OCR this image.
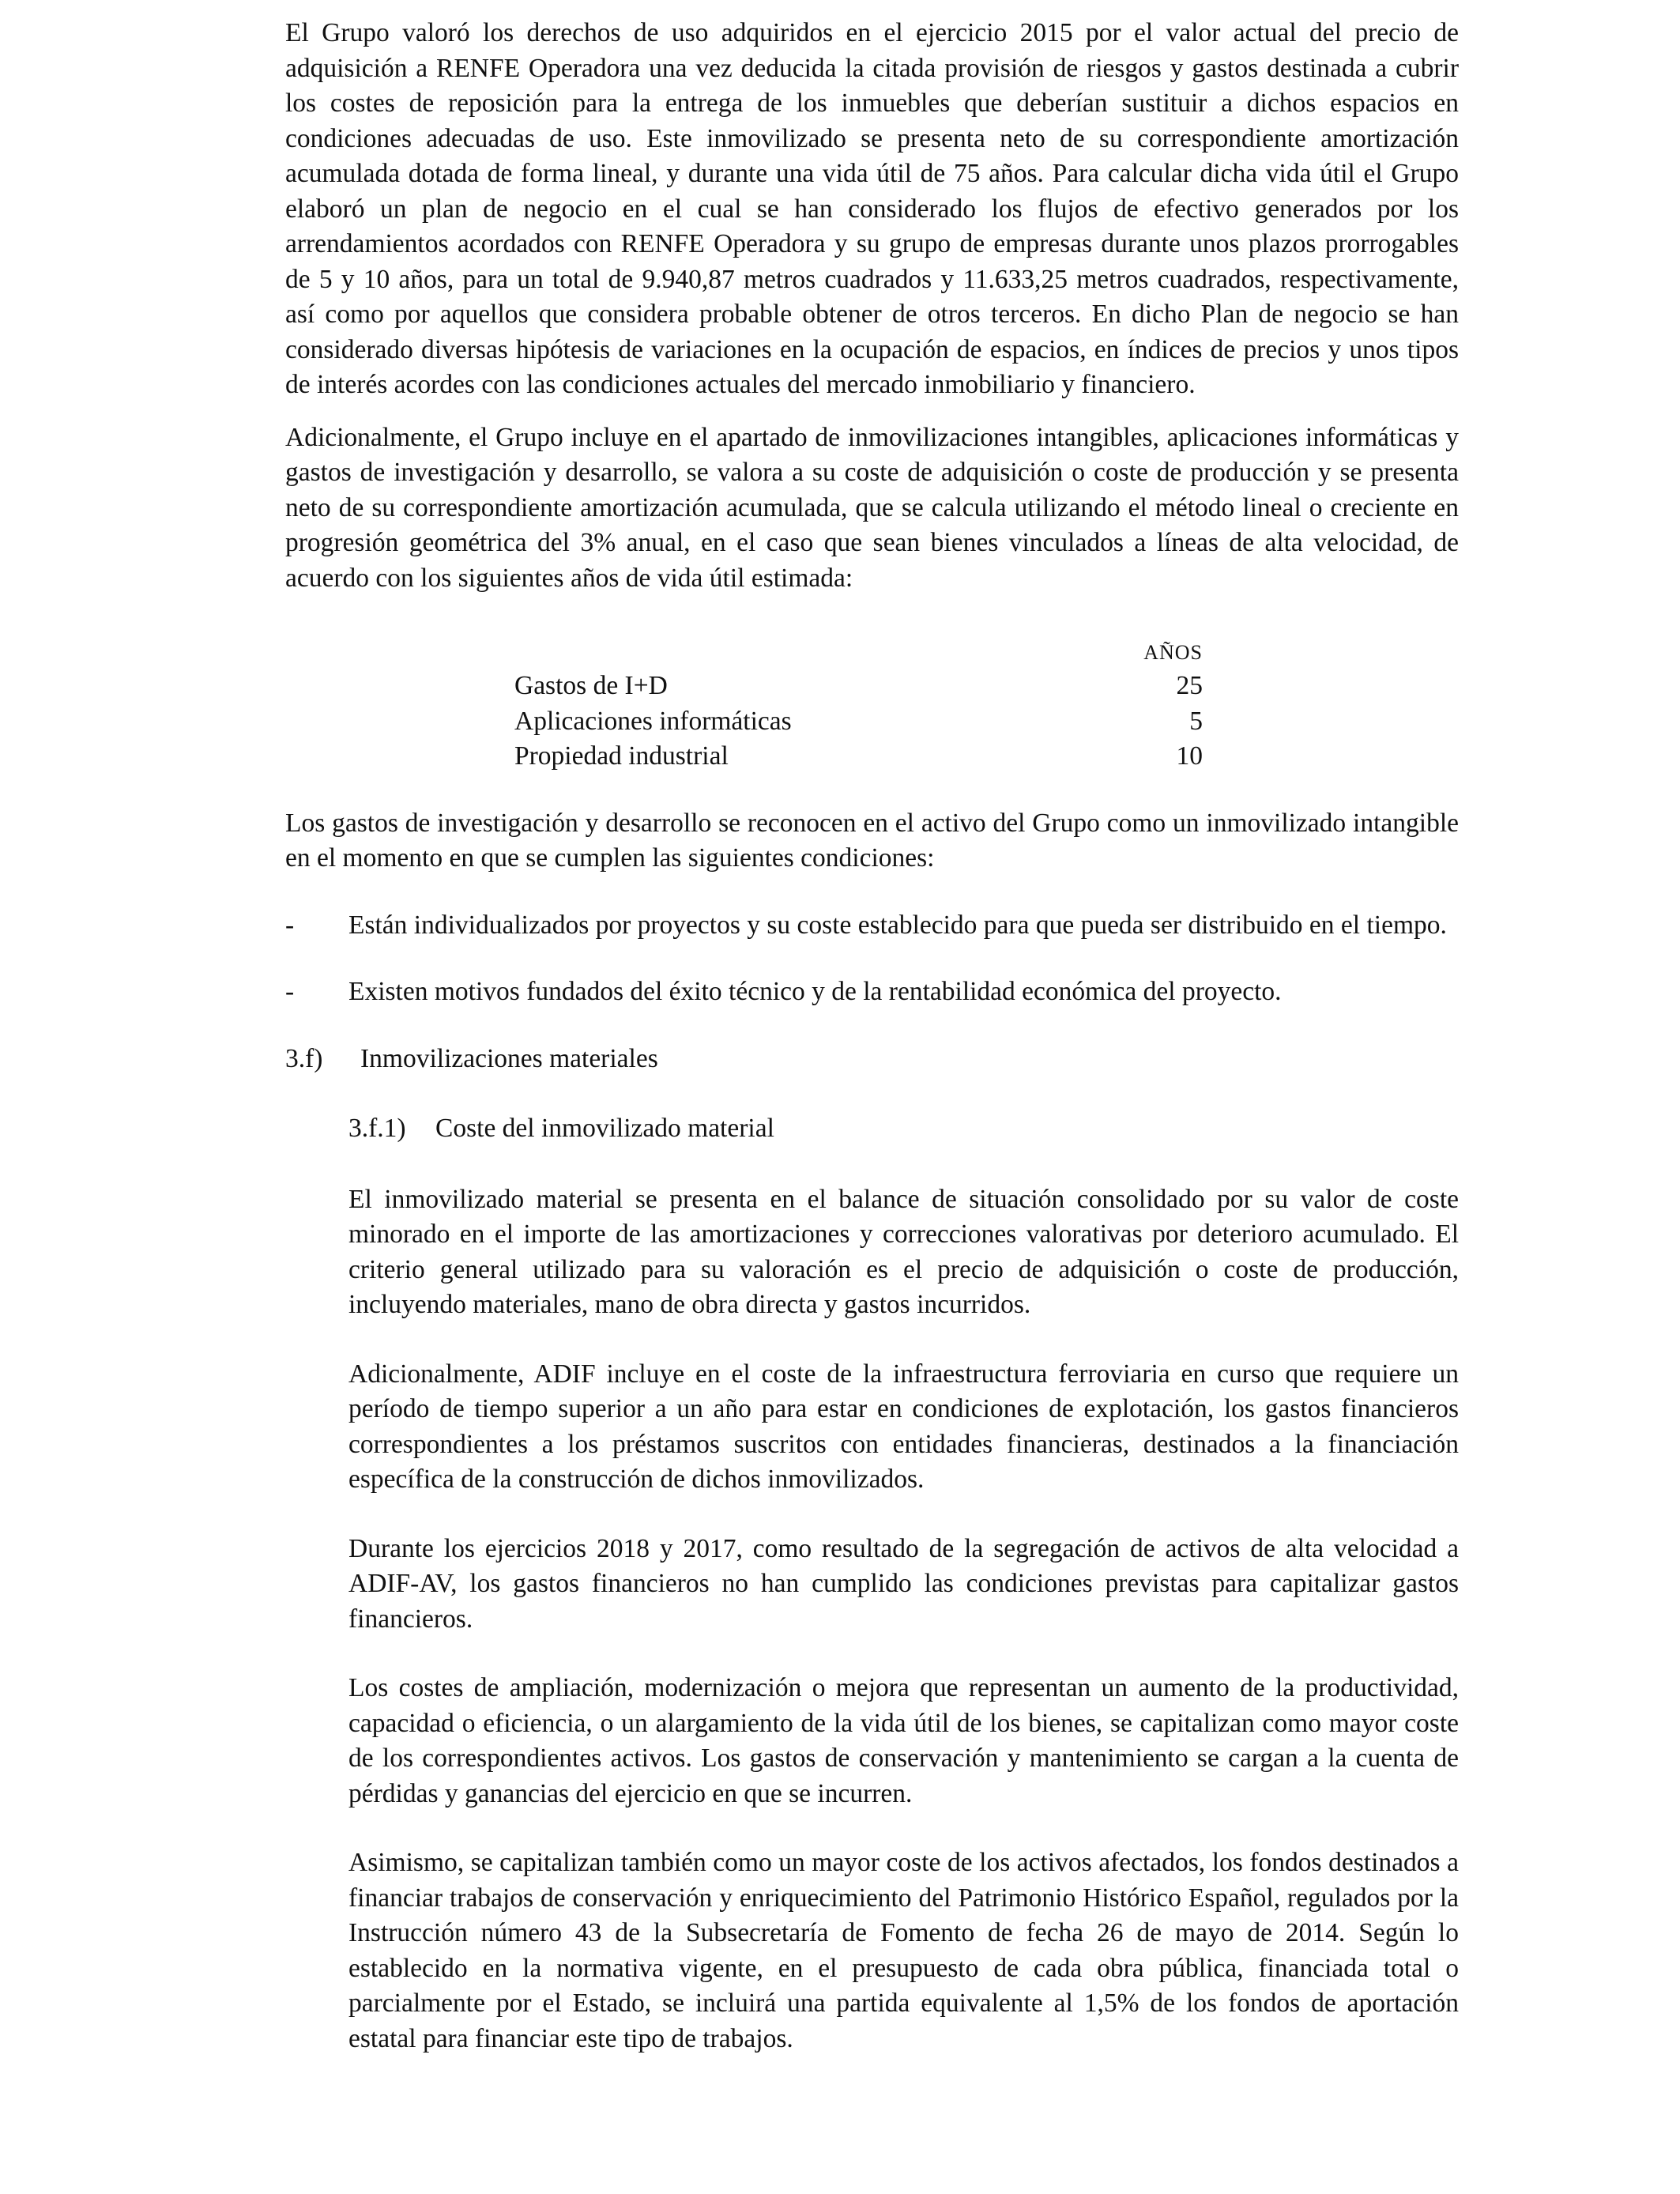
El Grupo valoró los derechos de uso adquiridos en el ejercicio 2015 por el valor actual del precio de adquisición a RENFE Operadora una vez deducida la citada provisión de riesgos y gastos destinada a cubrir los costes de reposición para la entrega de los inmuebles que deberían sustituir a dichos espacios en condiciones adecuadas de uso. Este inmovilizado se presenta neto de su correspondiente amortización acumulada dotada de forma lineal, y durante una vida útil de 75 años. Para calcular dicha vida útil el Grupo elaboró un plan de negocio en el cual se han considerado los flujos de efectivo generados por los arrendamientos acordados con RENFE Operadora y su grupo de empresas durante unos plazos prorrogables de 5 y 10 años, para un total de 9.940,87 metros cuadrados y 11.633,25 metros cuadrados, respectivamente, así como por aquellos que considera probable obtener de otros terceros. En dicho Plan de negocio se han considerado diversas hipótesis de variaciones en la ocupación de espacios, en índices de precios y unos tipos de interés acordes con las condiciones actuales del mercado inmobiliario y financiero.

Adicionalmente, el Grupo incluye en el apartado de inmovilizaciones intangibles, aplicaciones informáticas y gastos de investigación y desarrollo, se valora a su coste de adquisición o coste de producción y se presenta neto de su correspondiente amortización acumulada, que se calcula utilizando el método lineal o creciente en progresión geométrica del 3% anual, en el caso que sean bienes vinculados a líneas de alta velocidad, de acuerdo con los siguientes años de vida útil estimada:

	AÑOS
Gastos de I+D	25
Aplicaciones informáticas	5
Propiedad industrial	10

Los gastos de investigación y desarrollo se reconocen en el activo del Grupo como un inmovilizado intangible en el momento en que se cumplen las siguientes condiciones:

-	Están individualizados por proyectos y su coste establecido para que pueda ser distribuido en el tiempo.

-	Existen motivos fundados del éxito técnico y de la rentabilidad económica del proyecto.

3.f) Inmovilizaciones materiales
3.f.1) Coste del inmovilizado material

El inmovilizado material se presenta en el balance de situación consolidado por su valor de coste minorado en el importe de las amortizaciones y correcciones valorativas por deterioro acumulado. El criterio general utilizado para su valoración es el precio de adquisición o coste de producción, incluyendo materiales, mano de obra directa y gastos incurridos.

Adicionalmente, ADIF incluye en el coste de la infraestructura ferroviaria en curso que requiere un período de tiempo superior a un año para estar en condiciones de explotación, los gastos financieros correspondientes a los préstamos suscritos con entidades financieras, destinados a la financiación específica de la construcción de dichos inmovilizados.

Durante los ejercicios 2018 y 2017, como resultado de la segregación de activos de alta velocidad a ADIF-AV, los gastos financieros no han cumplido las condiciones previstas para capitalizar gastos financieros.

Los costes de ampliación, modernización o mejora que representan un aumento de la productividad, capacidad o eficiencia, o un alargamiento de la vida útil de los bienes, se capitalizan como mayor coste de los correspondientes activos. Los gastos de conservación y mantenimiento se cargan a la cuenta de pérdidas y ganancias del ejercicio en que se incurren.

Asimismo, se capitalizan también como un mayor coste de los activos afectados, los fondos destinados a financiar trabajos de conservación y enriquecimiento del Patrimonio Histórico Español, regulados por la Instrucción número 43 de la Subsecretaría de Fomento de fecha 26 de mayo de 2014. Según lo establecido en la normativa vigente, en el presupuesto de cada obra pública, financiada total o parcialmente por el Estado, se incluirá una partida equivalente al 1,5% de los fondos de aportación estatal para financiar este tipo de trabajos.
